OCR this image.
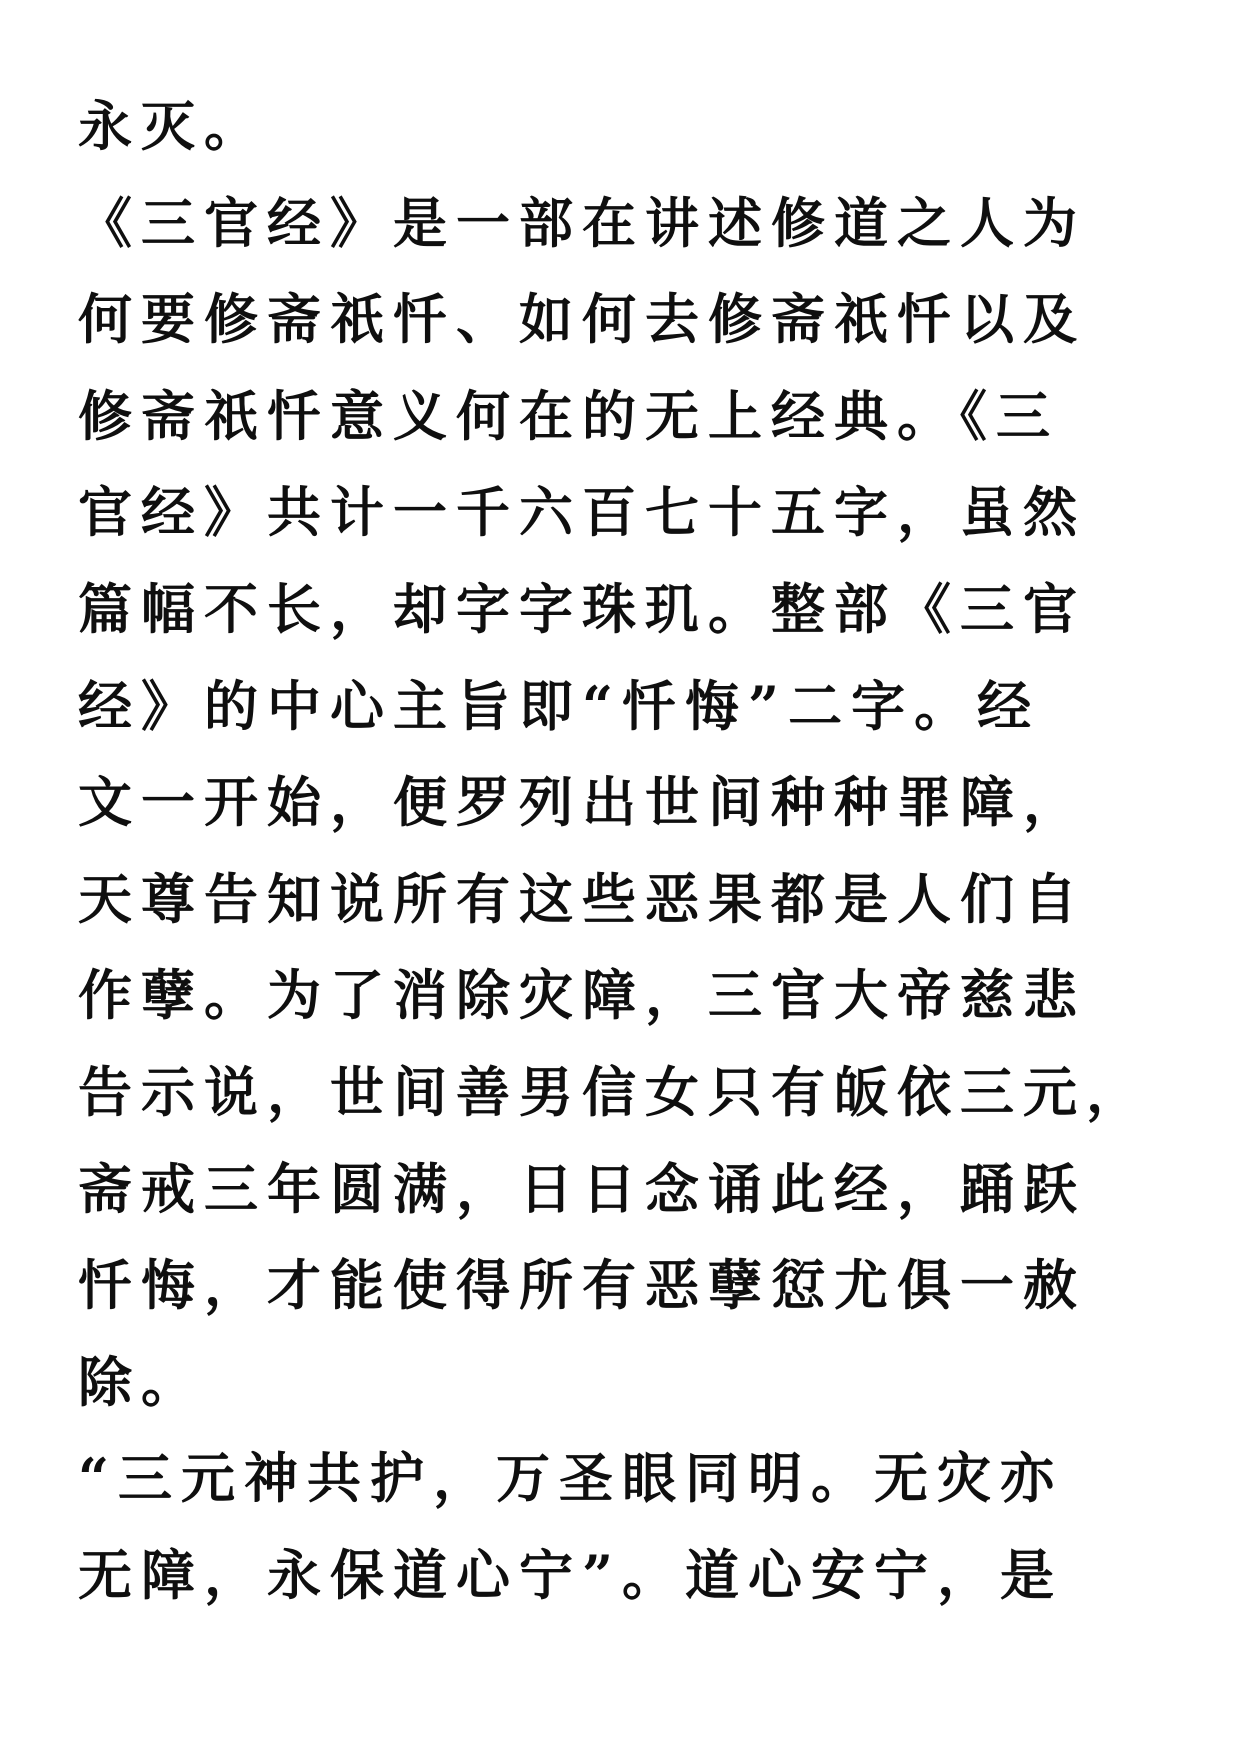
永灭。
《三官经》是一部在讲述修道之人为
何要修斋祇忏、如何去修斋祇忏以及
修斋祇忏意义何在的无上经典。《三
官经》共计一千六百七十五字，虽然
篇幅不长，却字字珠玑。整部《三官
经》的中心主旨即“忏悔”二字。经
文一开始，便罗列出世间种种罪障，
天尊告知说所有这些恶果都是人们自
作孽。为了消除灾障，三官大帝慈悲
告示说，世间善男信女只有皈依三元，
斋戒三年圆满，日日念诵此经，踊跃
忏悔，才能使得所有恶孽愆尤俱一赦
除。
“三元神共护，万圣眼同明。无灾亦
无障，永保道心宁”。道心安宁，是
